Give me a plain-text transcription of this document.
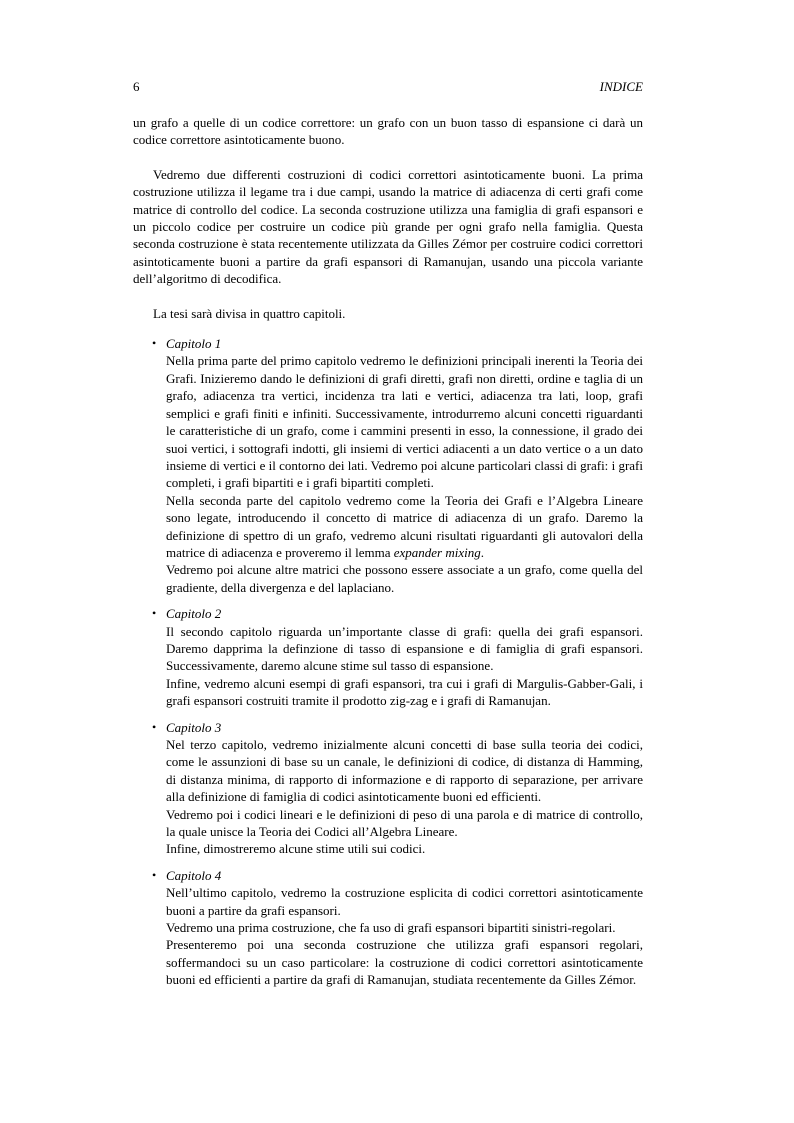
6	INDICE

un grafo a quelle di un codice correttore: un grafo con un buon tasso di espansione ci darà un codice correttore asintoticamente buono.

Vedremo due differenti costruzioni di codici correttori asintoticamente buoni. La prima costruzione utilizza il legame tra i due campi, usando la matrice di adiacenza di certi grafi come matrice di controllo del codice. La seconda costruzione utilizza una famiglia di grafi espansori e un piccolo codice per costruire un codice più grande per ogni grafo nella famiglia. Questa seconda costruzione è stata recentemente utilizzata da Gilles Zémor per costruire codici correttori asintoticamente buoni a partire da grafi espansori di Ramanujan, usando una piccola variante dell’algoritmo di decodifica.

La tesi sarà divisa in quattro capitoli.

• Capitolo 1
Nella prima parte del primo capitolo vedremo le definizioni principali inerenti la Teoria dei Grafi. Inizieremo dando le definizioni di grafi diretti, grafi non diretti, ordine e taglia di un grafo, adiacenza tra vertici, incidenza tra lati e vertici, adiacenza tra lati, loop, grafi semplici e grafi finiti e infiniti. Successivamente, introdurremo alcuni concetti riguardanti le caratteristiche di un grafo, come i cammini presenti in esso, la connessione, il grado dei suoi vertici, i sottografi indotti, gli insiemi di vertici adiacenti a un dato vertice o a un dato insieme di vertici e il contorno dei lati. Vedremo poi alcune particolari classi di grafi: i grafi completi, i grafi bipartiti e i grafi bipartiti completi.
Nella seconda parte del capitolo vedremo come la Teoria dei Grafi e l’Algebra Lineare sono legate, introducendo il concetto di matrice di adiacenza di un grafo. Daremo la definizione di spettro di un grafo, vedremo alcuni risultati riguardanti gli autovalori della matrice di adiacenza e proveremo il lemma expander mixing.
Vedremo poi alcune altre matrici che possono essere associate a un grafo, come quella del gradiente, della divergenza e del laplaciano.
• Capitolo 2
Il secondo capitolo riguarda un’importante classe di grafi: quella dei grafi espansori. Daremo dapprima la definzione di tasso di espansione e di famiglia di grafi espansori. Successivamente, daremo alcune stime sul tasso di espansione.
Infine, vedremo alcuni esempi di grafi espansori, tra cui i grafi di Margulis-Gabber-Gali, i grafi espansori costruiti tramite il prodotto zig-zag e i grafi di Ramanujan.
• Capitolo 3
Nel terzo capitolo, vedremo inizialmente alcuni concetti di base sulla teoria dei codici, come le assunzioni di base su un canale, le definizioni di codice, di distanza di Hamming, di distanza minima, di rapporto di informazione e di rapporto di separazione, per arrivare alla definizione di famiglia di codici asintoticamente buoni ed efficienti.
Vedremo poi i codici lineari e le definizioni di peso di una parola e di matrice di controllo, la quale unisce la Teoria dei Codici all’Algebra Lineare.
Infine, dimostreremo alcune stime utili sui codici.
• Capitolo 4
Nell’ultimo capitolo, vedremo la costruzione esplicita di codici correttori asintoticamente buoni a partire da grafi espansori.
Vedremo una prima costruzione, che fa uso di grafi espansori bipartiti sinistri-regolari.
Presenteremo poi una seconda costruzione che utilizza grafi espansori regolari, soffermandoci su un caso particolare: la costruzione di codici correttori asintoticamente buoni ed efficienti a partire da grafi di Ramanujan, studiata recentemente da Gilles Zémor.
